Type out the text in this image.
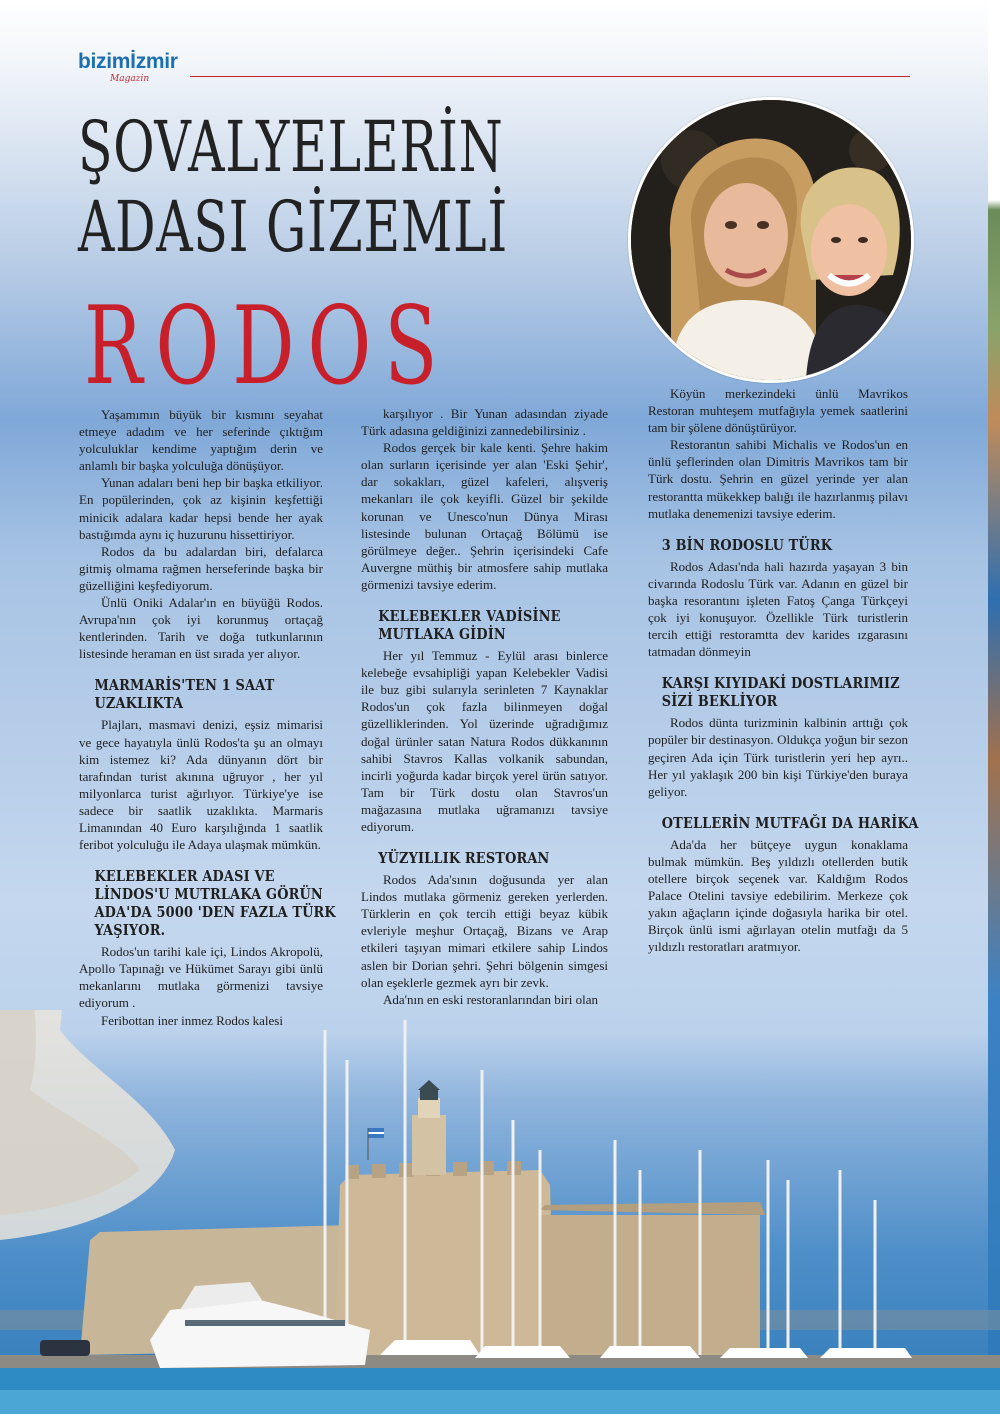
bizimİzmir
Magazin
ŞOVALYELERİN
ADASI GİZEMLİ
RODOS

Yaşamımın büyük bir kısmını seyahat etmeye adadım ve her seferinde çıktığım yolculuklar kendime yaptığım derin ve anlamlı bir başka yolculuğa dönüşüyor.

Yunan adaları beni hep bir başka etkiliyor. En popülerinden, çok az kişinin keşfettiği minicik adalara kadar hepsi bende her ayak bastığımda aynı iç huzurunu hissettiriyor.

Rodos da bu adalardan biri, defalarca gitmiş olmama rağmen herseferinde başka bir güzelliğini keşfediyorum.

Ünlü Oniki Adalar'ın en büyüğü Rodos. Avrupa'nın çok iyi korunmuş ortaçağ kentlerinden. Tarih ve doğa tutkunlarının listesinde heraman en üst sırada yer alıyor.

MARMARİS'TEN 1 SAAT UZAKLIKTA

Plajları, masmavi denizi, eşsiz mimarisi ve gece hayatıyla ünlü Rodos'ta şu an olmayı kim istemez ki? Ada dünyanın dört bir tarafından turist akınına uğruyor , her yıl milyonlarca turist ağırlıyor. Türkiye'ye ise sadece bir saatlik uzaklıkta. Marmaris Limanından 40 Euro karşılığında 1 saatlik feribot yolculuğu ile Adaya ulaşmak mümkün.

KELEBEKLER ADASI VE LİNDOS'U MUTRLAKA GÖRÜN ADA'DA 5000 'DEN FAZLA TÜRK YAŞIYOR.

Rodos'un tarihi kale içi, Lindos Akropolü, Apollo Tapınağı ve Hükümet Sarayı gibi ünlü mekanlarını mutlaka görmenizi tavsiye ediyorum .

Feribottan iner inmez Rodos kalesi

karşılıyor . Bir Yunan adasından ziyade Türk adasına geldiğinizi zannedebilirsiniz .

Rodos gerçek bir kale kenti. Şehre hakim olan surların içerisinde yer alan 'Eski Şehir', dar sokakları, güzel kafeleri, alışveriş mekanları ile çok keyifli. Güzel bir şekilde korunan ve Unesco'nun Dünya Mirası listesinde bulunan Ortaçağ Bölümü ise görülmeye değer.. Şehrin içerisindeki Cafe Auvergne müthiş bir atmosfere sahip mutlaka görmenizi tavsiye ederim.

KELEBEKLER VADİSİNE MUTLAKA GİDİN

Her yıl Temmuz - Eylül arası binlerce kelebeğe evsahipliği yapan Kelebekler Vadisi ile buz gibi sularıyla serinleten 7 Kaynaklar Rodos'un çok fazla bilinmeyen doğal güzelliklerinden. Yol üzerinde uğradığımız doğal ürünler satan Natura Rodos dükkanının sahibi Stavros Kallas volkanik sabundan, incirli yoğurda kadar birçok yerel ürün satıyor. Tam bir Türk dostu olan Stavros'un mağazasına mutlaka uğramanızı tavsiye ediyorum.

YÜZYILLIK RESTORAN

Rodos Ada'sının doğusunda yer alan Lindos mutlaka görmeniz gereken yerlerden. Türklerin en çok tercih ettiği beyaz kübik evleriyle meşhur Ortaçağ, Bizans ve Arap etkileri taşıyan mimari etkilere sahip Lindos aslen bir Dorian şehri. Şehri bölgenin simgesi olan eşeklerle gezmek ayrı bir zevk.

Ada'nın en eski restoranlarından biri olan

Köyün merkezindeki ünlü Mavrikos Restoran muhteşem mutfağıyla yemek saatlerini tam bir şölene dönüştürüyor.

Restorantın sahibi Michalis ve Rodos'un en ünlü şeflerinden olan Dimitris Mavrikos tam bir Türk dostu. Şehrin en güzel yerinde yer alan restorantta mükekkep balığı ile hazırlanmış pilavı mutlaka denemenizi tavsiye ederim.

3 BİN RODOSLU TÜRK

Rodos Adası'nda hali hazırda yaşayan 3 bin civarında Rodoslu Türk var. Adanın en güzel bir başka resorantını işleten Fatoş Çanga Türkçeyi çok iyi konuşuyor. Özellikle Türk turistlerin tercih ettiği restoramtta dev karides ızgarasını tatmadan dönmeyin

KARŞI KIYIDAKİ DOSTLARIMIZ SİZİ BEKLİYOR

Rodos dünta turizminin kalbinin arttığı çok popüler bir destinasyon. Oldukça yoğun bir sezon geçiren Ada için Türk turistlerin yeri hep ayrı.. Her yıl yaklaşık 200 bin kişi Türkiye'den buraya geliyor.

OTELLERİN MUTFAĞI DA HARİKA

Ada'da her bütçeye uygun konaklama bulmak mümkün. Beş yıldızlı otellerden butik otellere birçok seçenek var. Kaldığım Rodos Palace Otelini tavsiye edebilirim. Merkeze çok yakın ağaçların içinde doğasıyla harika bir otel. Birçok ünlü ismi ağırlayan otelin mutfağı da 5 yıldızlı restoratları aratmıyor.
